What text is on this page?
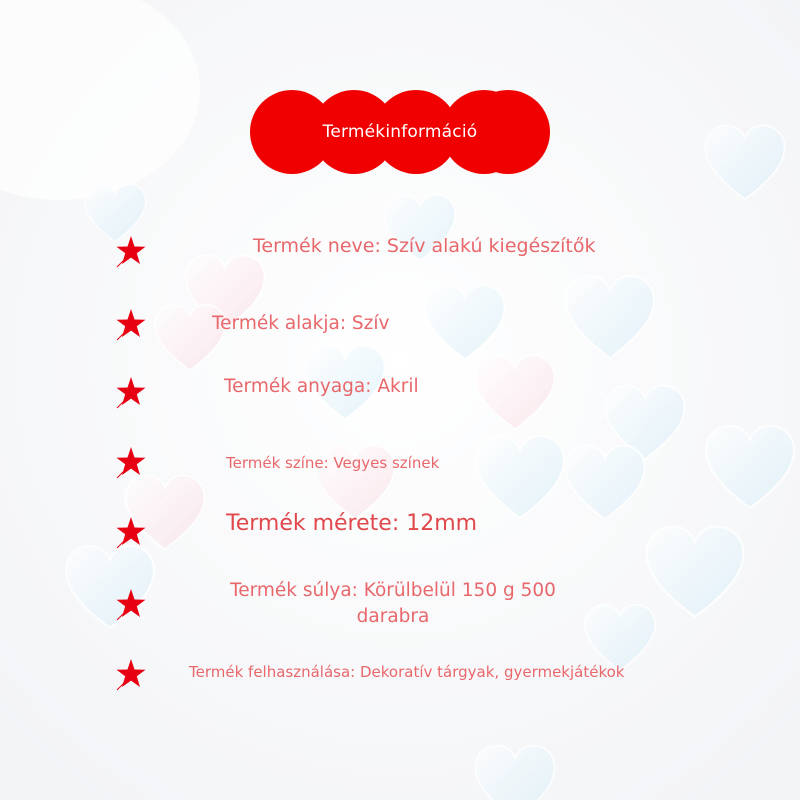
Termékinformáció
Termék neve: Szív alakú kiegészítők
Termék alakja: Szív
Termék anyaga: Akril
Termék színe: Vegyes színek
Termék mérete: 12mm
Termék súlya: Körülbelül 150 g 500 darabra
Termék felhasználása: Dekoratív tárgyak, gyermekjátékok
